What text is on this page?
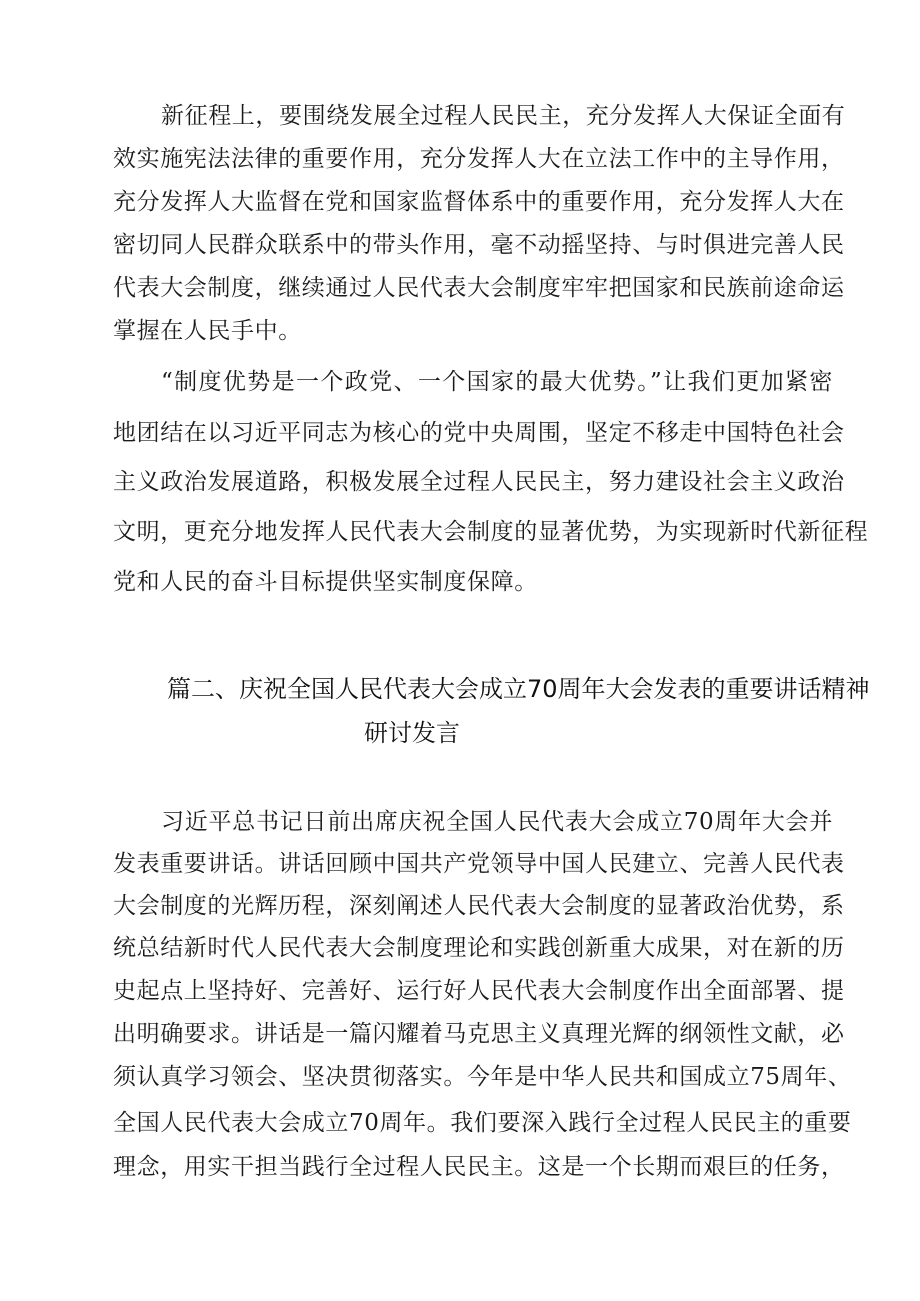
新征程上，要围绕发展全过程人民民主，充分发挥人大保证全面有
效实施宪法法律的重要作用，充分发挥人大在立法工作中的主导作用，
充分发挥人大监督在党和国家监督体系中的重要作用，充分发挥人大在
密切同人民群众联系中的带头作用，毫不动摇坚持、与时俱进完善人民
代表大会制度，继续通过人民代表大会制度牢牢把国家和民族前途命运
掌握在人民手中。
“制度优势是一个政党、一个国家的最大优势。”让我们更加紧密
地团结在以习近平同志为核心的党中央周围，坚定不移走中国特色社会
主义政治发展道路，积极发展全过程人民民主，努力建设社会主义政治
文明，更充分地发挥人民代表大会制度的显著优势，为实现新时代新征程
党和人民的奋斗目标提供坚实制度保障。
篇二、庆祝全国人民代表大会成立70周年大会发表的重要讲话精神
研讨发言
习近平总书记日前出席庆祝全国人民代表大会成立70周年大会并
发表重要讲话。讲话回顾中国共产党领导中国人民建立、完善人民代表
大会制度的光辉历程，深刻阐述人民代表大会制度的显著政治优势，系
统总结新时代人民代表大会制度理论和实践创新重大成果，对在新的历
史起点上坚持好、完善好、运行好人民代表大会制度作出全面部署、提
出明确要求。讲话是一篇闪耀着马克思主义真理光辉的纲领性文献，必
须认真学习领会、坚决贯彻落实。今年是中华人民共和国成立75周年、
全国人民代表大会成立70周年。我们要深入践行全过程人民民主的重要
理念，用实干担当践行全过程人民民主。这是一个长期而艰巨的任务，
